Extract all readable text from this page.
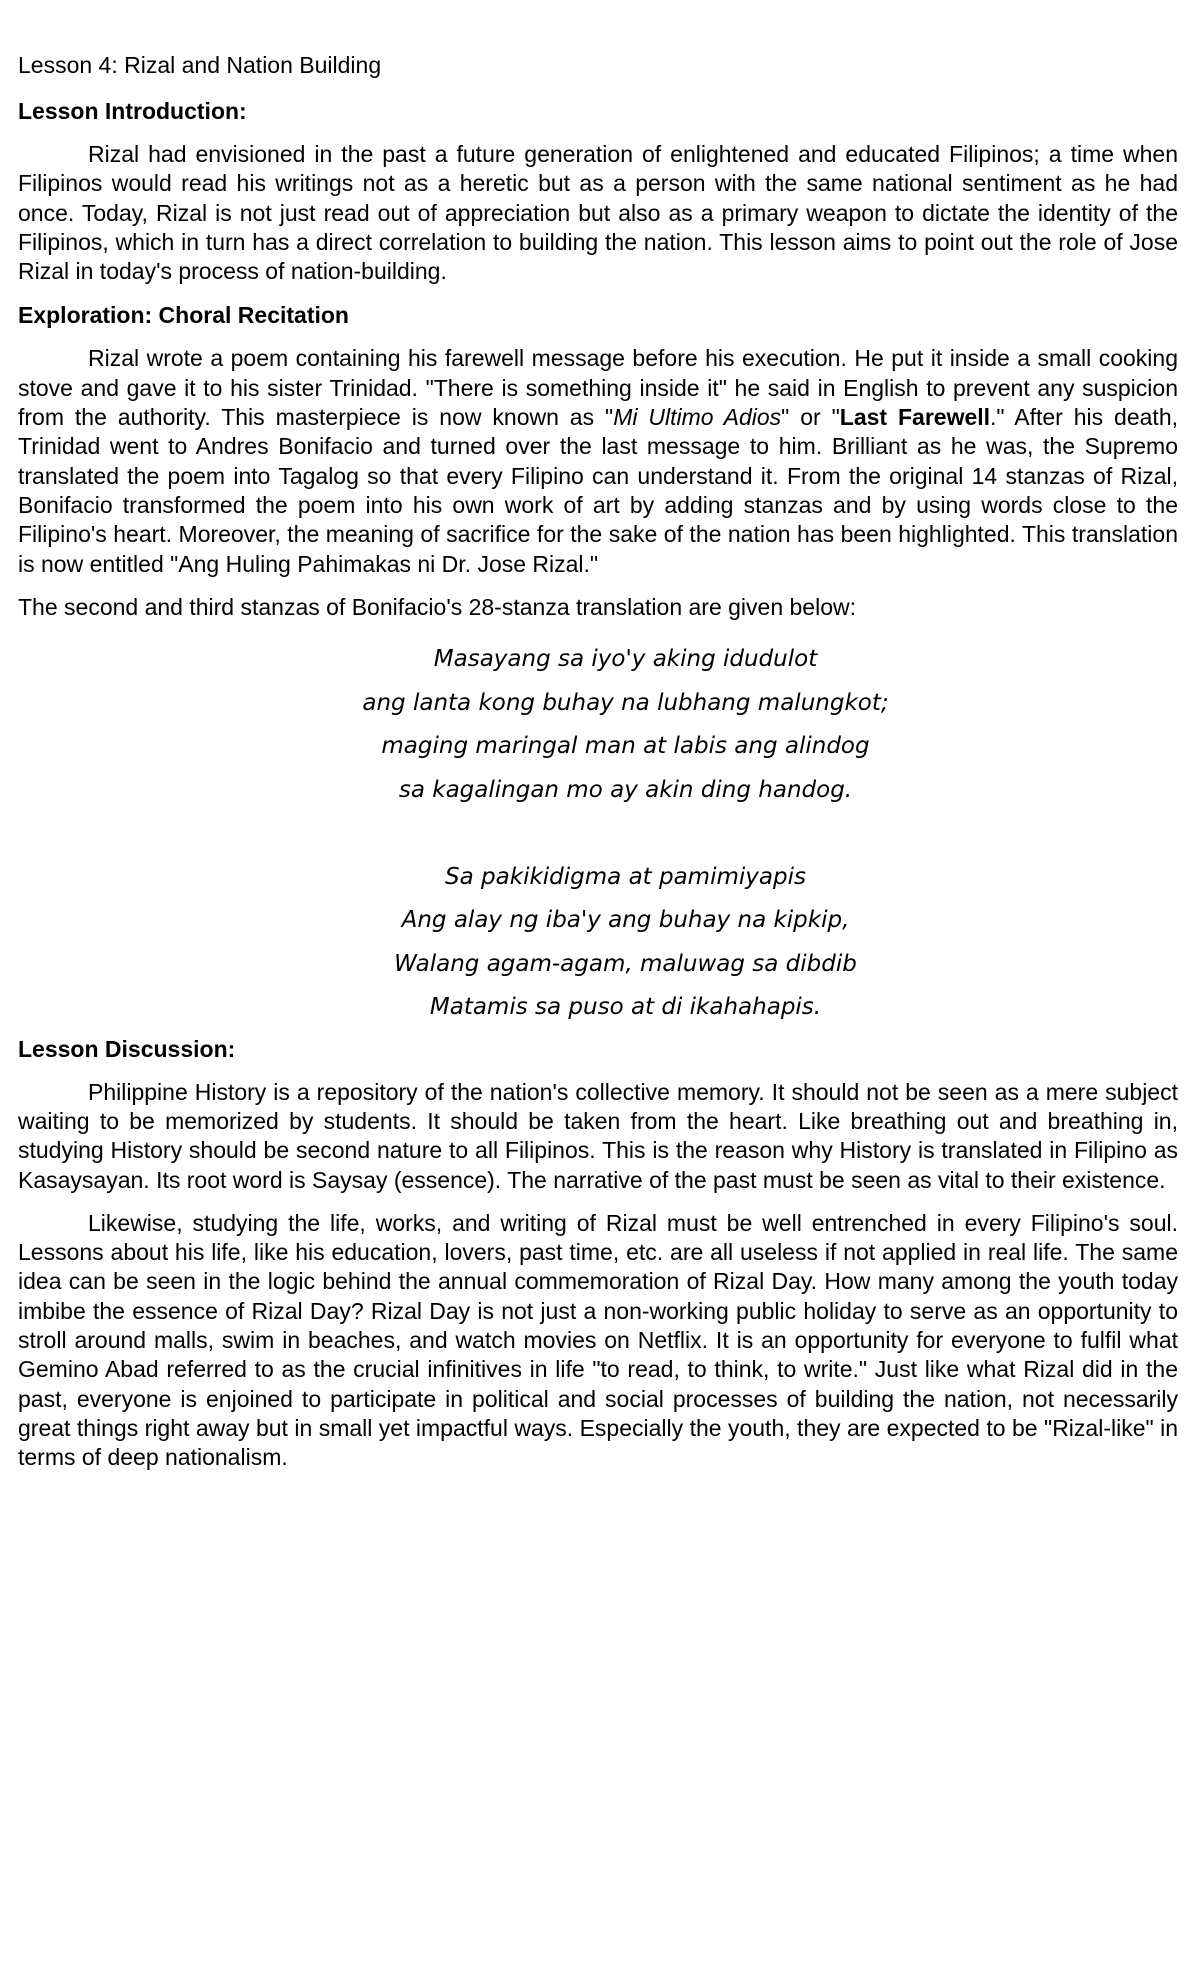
Lesson 4: Rizal and Nation Building
Lesson Introduction:

Rizal had envisioned in the past a future generation of enlightened and educated Filipinos; a time when Filipinos would read his writings not as a heretic but as a person with the same national sentiment as he had once. Today, Rizal is not just read out of appreciation but also as a primary weapon to dictate the identity of the Filipinos, which in turn has a direct correlation to building the nation. This lesson aims to point out the role of Jose Rizal in today's process of nation-building.

Exploration: Choral Recitation

Rizal wrote a poem containing his farewell message before his execution. He put it inside a small cooking stove and gave it to his sister Trinidad. "There is something inside it" he said in English to prevent any suspicion from the authority. This masterpiece is now known as "Mi Ultimo Adios" or "Last Farewell." After his death, Trinidad went to Andres Bonifacio and turned over the last message to him. Brilliant as he was, the Supremo translated the poem into Tagalog so that every Filipino can understand it. From the original 14 stanzas of Rizal, Bonifacio transformed the poem into his own work of art by adding stanzas and by using words close to the Filipino's heart. Moreover, the meaning of sacrifice for the sake of the nation has been highlighted. This translation is now entitled "Ang Huling Pahimakas ni Dr. Jose Rizal."

The second and third stanzas of Bonifacio's 28-stanza translation are given below:

Masayang sa iyo'y aking idudulot
ang lanta kong buhay na lubhang malungkot;
maging maringal man at labis ang alindog
sa kagalingan mo ay akin ding handog.
Sa pakikidigma at pamimiyapis
Ang alay ng iba'y ang buhay na kipkip,
Walang agam-agam, maluwag sa dibdib
Matamis sa puso at di ikahahapis.
Lesson Discussion:

Philippine History is a repository of the nation's collective memory. It should not be seen as a mere subject waiting to be memorized by students. It should be taken from the heart. Like breathing out and breathing in, studying History should be second nature to all Filipinos. This is the reason why History is translated in Filipino as Kasaysayan. Its root word is Saysay (essence). The narrative of the past must be seen as vital to their existence.

Likewise, studying the life, works, and writing of Rizal must be well entrenched in every Filipino's soul. Lessons about his life, like his education, lovers, past time, etc. are all useless if not applied in real life. The same idea can be seen in the logic behind the annual commemoration of Rizal Day. How many among the youth today imbibe the essence of Rizal Day? Rizal Day is not just a non-working public holiday to serve as an opportunity to stroll around malls, swim in beaches, and watch movies on Netflix. It is an opportunity for everyone to fulfil what Gemino Abad referred to as the crucial infinitives in life "to read, to think, to write." Just like what Rizal did in the past, everyone is enjoined to participate in political and social processes of building the nation, not necessarily great things right away but in small yet impactful ways. Especially the youth, they are expected to be "Rizal-like" in terms of deep nationalism.
